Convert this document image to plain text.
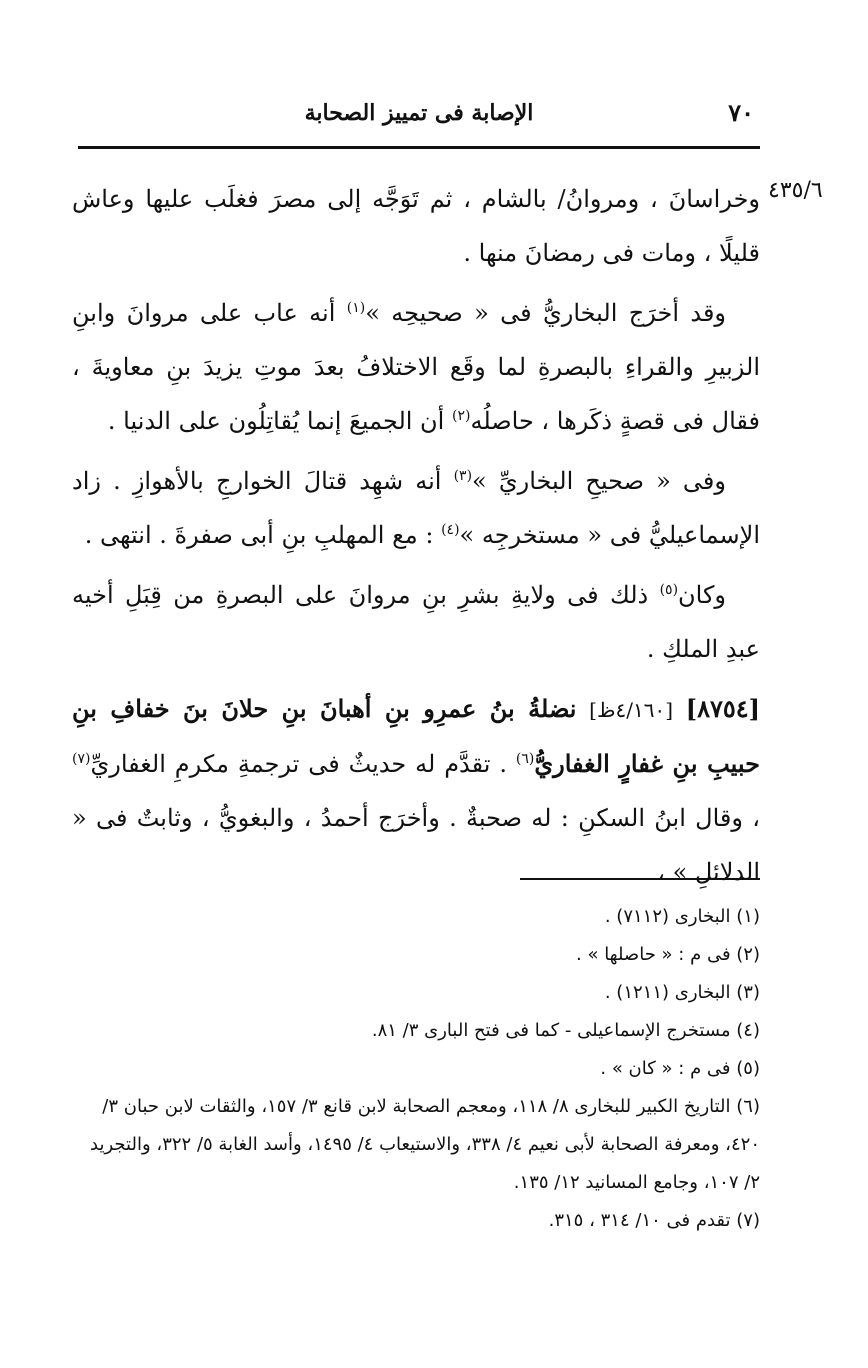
٧٠
الإصابة فى تمييز الصحابة
٤٣٥/٦

وخراسانَ ، ومروانُ/ بالشام ، ثم تَوَجَّه إلى مصرَ فغلَب عليها وعاش قليلًا ، ومات فى رمضانَ منها .

وقد أخرَج البخاريُّ فى « صحيحِه »$^{(١)}$ أنه عاب على مروانَ وابنِ الزبيرِ والقراءِ بالبصرةِ لما وقَع الاختلافُ بعدَ موتِ يزيدَ بنِ معاويةَ ، فقال فى قصةٍ ذكَرها ، حاصلُه$^{(٢)}$ أن الجميعَ إنما يُقاتِلُون على الدنيا .

وفى « صحيحِ البخاريِّ »$^{(٣)}$ أنه شهِد قتالَ الخوارجِ بالأهوازِ . زاد الإسماعيليُّ فى « مستخرجِه »$^{(٤)}$ : مع المهلبِ بنِ أبى صفرةَ . انتهى .

وكان$^{(٥)}$ ذلك فى ولايةِ بشرِ بنِ مروانَ على البصرةِ من قِبَلِ أخيه عبدِ الملكِ .

[٨٧٥٤] [٤/١٦٠ظ] نضلةُ بنُ عمرِو بنِ أهبانَ بنِ حلانَ بنَ خفافِ بنِ حبيبِ بنِ غفارٍ الغفاريُّ$^{(٦)}$ . تقدَّم له حديثٌ فى ترجمةِ مكرمِ الغفاريِّ$^{(٧)}$ ، وقال ابنُ السكنِ : له صحبةٌ . وأخرَج أحمدُ ، والبغويُّ ، وثابتٌ فى « الدلائلِ » ،

(١) البخارى (٧١١٢) .
(٢) فى م : « حاصلها » .
(٣) البخارى (١٢١١) .
(٤) مستخرج الإسماعيلى - كما فى فتح البارى ٣/ ٨١.
(٥) فى م : « كان » .
(٦) التاريخ الكبير للبخارى ٨/ ١١٨، ومعجم الصحابة لابن قانع ٣/ ١٥٧، والثقات لابن حبان ٣/ ٤٢٠، ومعرفة الصحابة لأبى نعيم ٤/ ٣٣٨، والاستيعاب ٤/ ١٤٩٥، وأسد الغابة ٥/ ٣٢٢، والتجريد ٢/ ١٠٧، وجامع المسانيد ١٢/ ١٣٥.
(٧) تقدم فى ١٠/ ٣١٤ ، ٣١٥.
